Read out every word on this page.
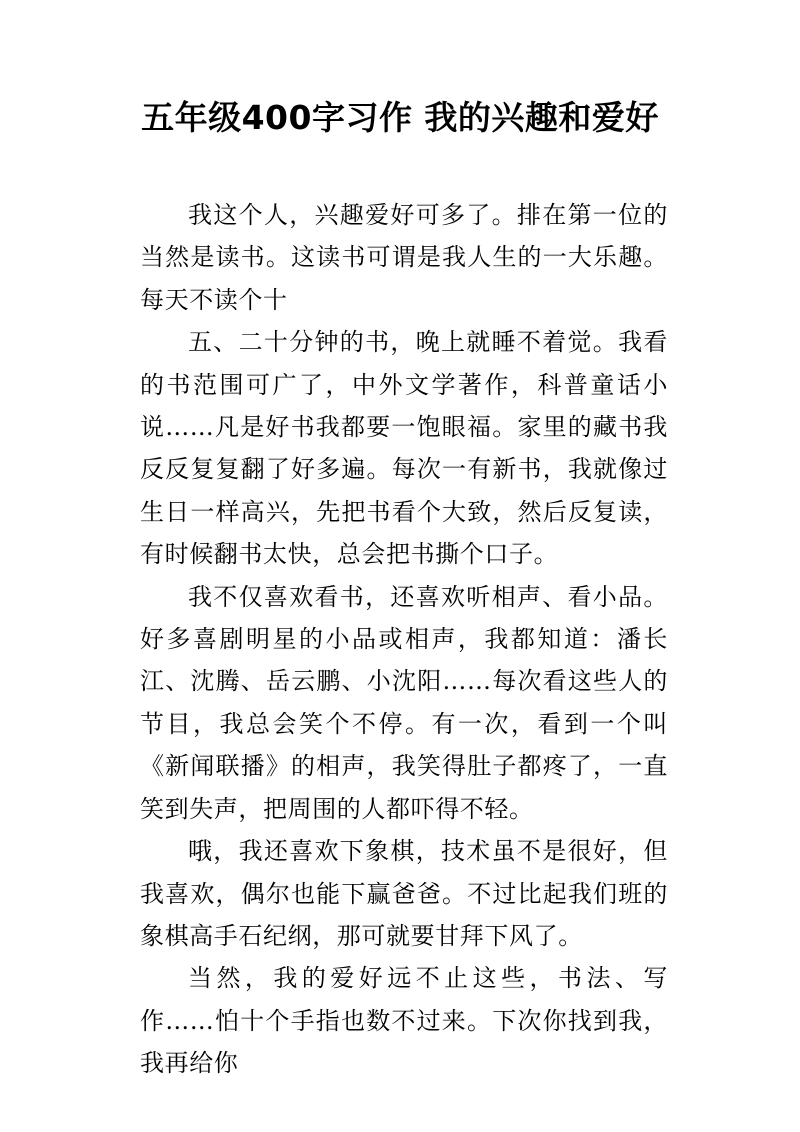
五年级400字习作 我的兴趣和爱好

我这个人，兴趣爱好可多了。排在第一位的当然是读书。这读书可谓是我人生的一大乐趣。每天不读个十

五、二十分钟的书，晚上就睡不着觉。我看的书范围可广了，中外文学著作，科普童话小说……凡是好书我都要一饱眼福。家里的藏书我反反复复翻了好多遍。每次一有新书，我就像过生日一样高兴，先把书看个大致，然后反复读，有时候翻书太快，总会把书撕个口子。

我不仅喜欢看书，还喜欢听相声、看小品。好多喜剧明星的小品或相声，我都知道：潘长江、沈腾、岳云鹏、小沈阳……每次看这些人的节目，我总会笑个不停。有一次，看到一个叫《新闻联播》的相声，我笑得肚子都疼了，一直笑到失声，把周围的人都吓得不轻。

哦，我还喜欢下象棋，技术虽不是很好，但我喜欢，偶尔也能下赢爸爸。不过比起我们班的象棋高手石纪纲，那可就要甘拜下风了。

当然，我的爱好远不止这些，书法、写作……怕十个手指也数不过来。下次你找到我，我再给你
